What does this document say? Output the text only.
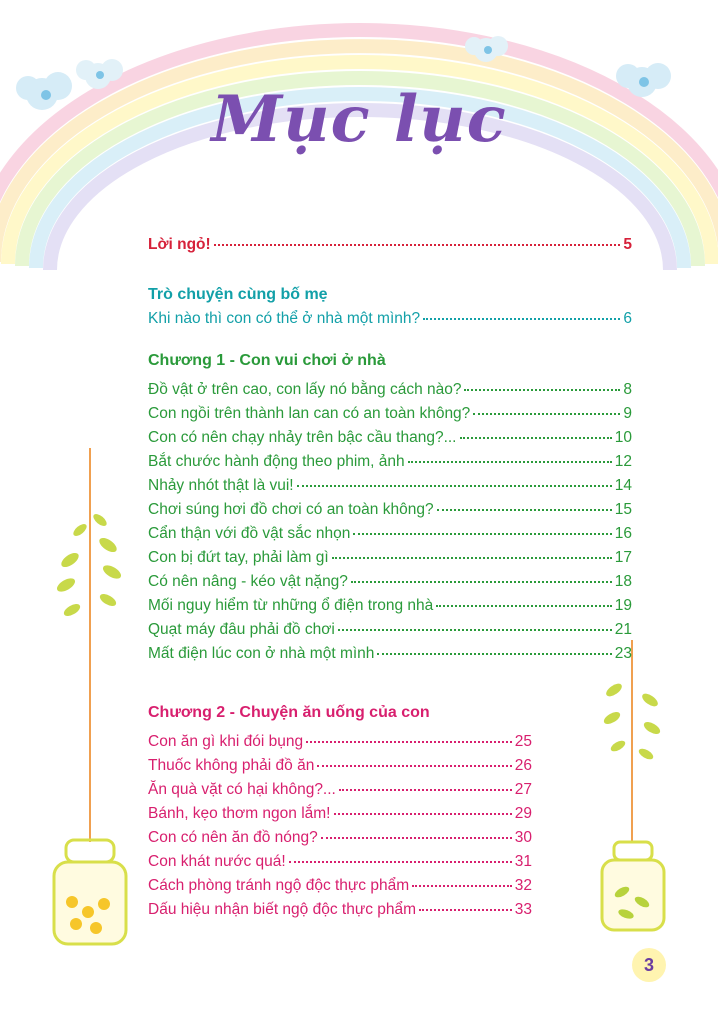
Mục lục
Lời ngỏ!	5
Trò chuyện cùng bố mẹ
Khi nào thì con có thể ở nhà một mình?	6
Chương 1 - Con vui chơi ở nhà
Đồ vật ở trên cao, con lấy nó bằng cách nào?	8
Con ngồi trên thành lan can có an toàn không?	9
Con có nên chạy nhảy trên bậc cầu thang?...	10
Bắt chước hành động theo phim, ảnh	12
Nhảy nhót thật là vui!	14
Chơi súng hơi đồ chơi có an toàn không?	15
Cẩn thận với đồ vật sắc nhọn	16
Con bị đứt tay, phải làm gì	17
Có nên nâng - kéo vật nặng?	18
Mối nguy hiểm từ những ổ điện trong nhà	19
Quạt máy đâu phải đồ chơi	21
Mất điện lúc con ở nhà một mình	23
Chương 2 - Chuyện ăn uống của con
Con ăn gì khi đói bụng	25
Thuốc không phải đồ ăn	26
Ăn quà vặt có hại không?...	27
Bánh, kẹo thơm ngon lắm!	29
Con có nên ăn đồ nóng?	30
Con khát nước quá!	31
Cách phòng tránh ngộ độc thực phẩm	32
Dấu hiệu nhận biết ngộ độc thực phẩm	33
3
